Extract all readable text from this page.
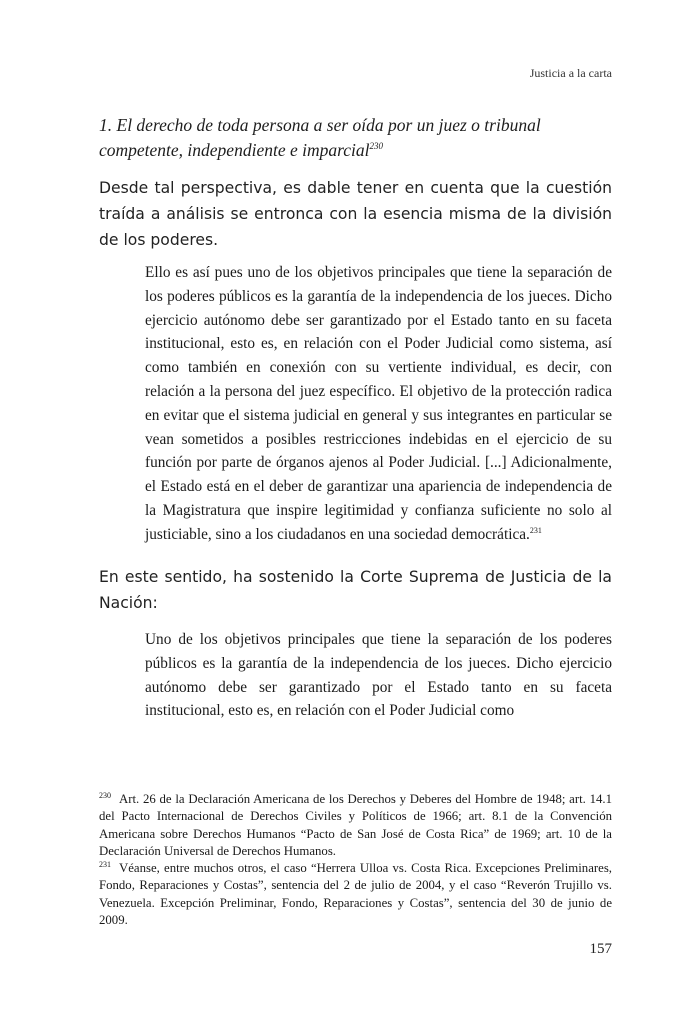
Justicia a la carta
1. El derecho de toda persona a ser oída por un juez o tribunal competente, independiente e imparcial$^{230}$

Desde tal perspectiva, es dable tener en cuenta que la cuestión traída a análisis se entronca con la esencia misma de la división de los poderes.

Ello es así pues uno de los objetivos principales que tiene la separación de los poderes públicos es la garantía de la independencia de los jueces. Dicho ejercicio autónomo debe ser garantizado por el Estado tanto en su faceta institucional, esto es, en relación con el Poder Judicial como sistema, así como también en conexión con su vertiente individual, es decir, con relación a la persona del juez específico. El objetivo de la protección radica en evitar que el sistema judicial en general y sus integrantes en particular se vean sometidos a posibles restricciones indebidas en el ejercicio de su función por parte de órganos ajenos al Poder Judicial. [...] Adicionalmente, el Estado está en el deber de garantizar una apariencia de independencia de la Magistratura que inspire legitimidad y confianza suficiente no solo al justiciable, sino a los ciudadanos en una sociedad democrática.$^{231}$

En este sentido, ha sostenido la Corte Suprema de Justicia de la Nación:

Uno de los objetivos principales que tiene la separación de los poderes públicos es la garantía de la independencia de los jueces. Dicho ejercicio autónomo debe ser garantizado por el Estado tanto en su faceta institucional, esto es, en relación con el Poder Judicial como

$^{230}$ Art. 26 de la Declaración Americana de los Derechos y Deberes del Hombre de 1948; art. 14.1 del Pacto Internacional de Derechos Civiles y Políticos de 1966; art. 8.1 de la Convención Americana sobre Derechos Humanos “Pacto de San José de Costa Rica” de 1969; art. 10 de la Declaración Universal de Derechos Humanos.

$^{231}$ Véanse, entre muchos otros, el caso “Herrera Ulloa vs. Costa Rica. Excepciones Preliminares, Fondo, Reparaciones y Costas”, sentencia del 2 de julio de 2004, y el caso “Reverón Trujillo vs. Venezuela. Excepción Preliminar, Fondo, Reparaciones y Costas”, sentencia del 30 de junio de 2009.

157
